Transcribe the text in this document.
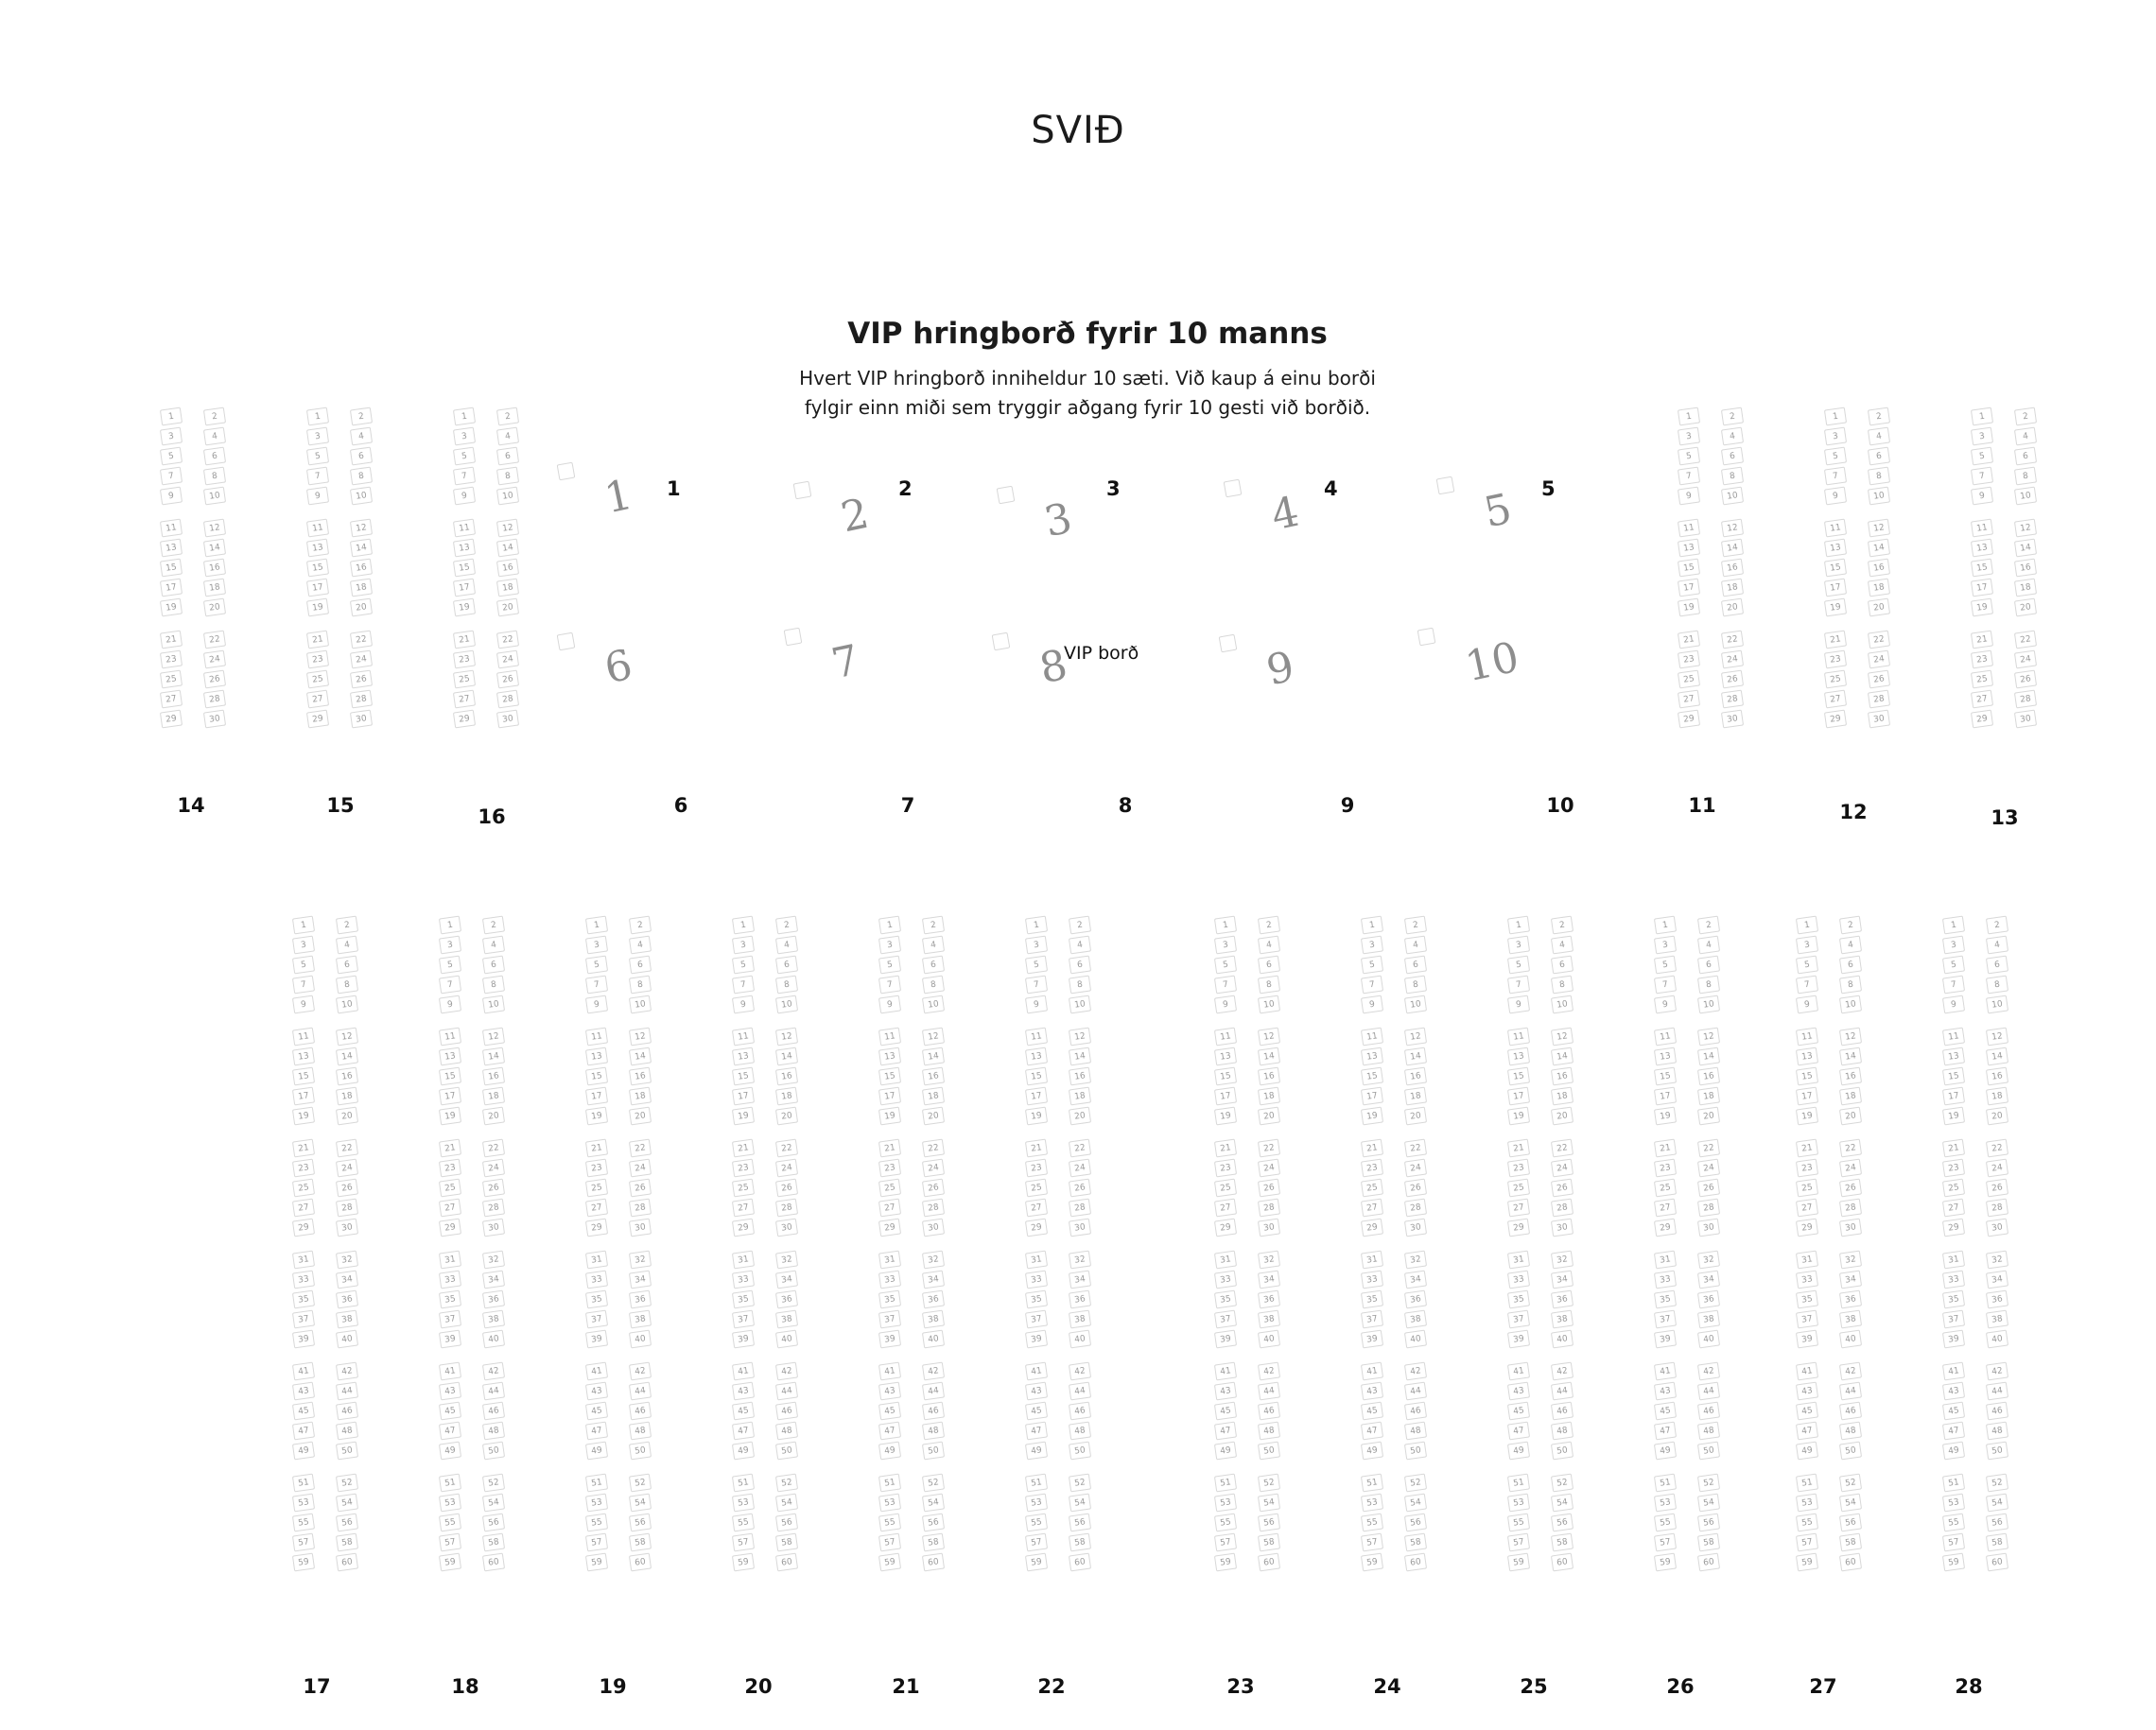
SVIÐ
VIP hringborð fyrir 10 manns

Hvert VIP hringborð inniheldur 10 sæti. Við kaup á einu borði

fylgir einn miði sem tryggir aðgang fyrir 10 gesti við borðið.

1 1
2
2
3
3	4 4	5 5
6	7	8	9	10
VIP borð
6	7	8	9	10
1	2
3	4
5	6
7	8
9	10
11	12
13	14
15	16
17	18
19	20
21	22
23	24
25	26
27	28
29	30
14
1	2
3	4
5	6
7	8
9	10
11	12
13	14
15	16
17	18
19	20
21	22
23	24
25	26
27	28
29	30
15
1	2
3	4
5	6
7	8
9	10
11	12
13	14
15	16
17	18
19	20
21	22
23	24
25	26
27	28
29	30
16
1	2
3	4
5	6
7	8
9	10
11	12
13	14
15	16
17	18
19	20
21	22
23	24
25	26
27	28
29	30
11
1	2
3	4
5	6
7	8
9	10
11	12
13	14
15	16
17	18
19	20
21	22
23	24
25	26
27	28
29	30
12
1	2
3	4
5	6
7	8
9	10
11	12
13	14
15	16
17	18
19	20
21	22
23	24
25	26
27	28
29	30
13
1	2
3	4
5	6
7	8
9	10
11	12
13	14
15	16
17	18
19	20
21	22
23	24
25	26
27	28
29	30
31	32
33	34
35	36
37	38
39	40
41	42
43	44
45	46
47	48
49	50
51	52
53	54
55	56
57	58
59	60
17
1	2
3	4
5	6
7	8
9	10
11	12
13	14
15	16
17	18
19	20
21	22
23	24
25	26
27	28
29	30
31	32
33	34
35	36
37	38
39	40
41	42
43	44
45	46
47	48
49	50
51	52
53	54
55	56
57	58
59	60
18
1	2
3	4
5	6
7	8
9	10
11	12
13	14
15	16
17	18
19	20
21	22
23	24
25	26
27	28
29	30
31	32
33	34
35	36
37	38
39	40
41	42
43	44
45	46
47	48
49	50
51	52
53	54
55	56
57	58
59	60
19
1	2
3	4
5	6
7	8
9	10
11	12
13	14
15	16
17	18
19	20
21	22
23	24
25	26
27	28
29	30
31	32
33	34
35	36
37	38
39	40
41	42
43	44
45	46
47	48
49	50
51	52
53	54
55	56
57	58
59	60
20
1	2
3	4
5	6
7	8
9	10
11	12
13	14
15	16
17	18
19	20
21	22
23	24
25	26
27	28
29	30
31	32
33	34
35	36
37	38
39	40
41	42
43	44
45	46
47	48
49	50
51	52
53	54
55	56
57	58
59	60
21
1	2
3	4
5	6
7	8
9	10
11	12
13	14
15	16
17	18
19	20
21	22
23	24
25	26
27	28
29	30
31	32
33	34
35	36
37	38
39	40
41	42
43	44
45	46
47	48
49	50
51	52
53	54
55	56
57	58
59	60
22
1	2
3	4
5	6
7	8
9	10
11	12
13	14
15	16
17	18
19	20
21	22
23	24
25	26
27	28
29	30
31	32
33	34
35	36
37	38
39	40
41	42
43	44
45	46
47	48
49	50
51	52
53	54
55	56
57	58
59	60
23
1	2
3	4
5	6
7	8
9	10
11	12
13	14
15	16
17	18
19	20
21	22
23	24
25	26
27	28
29	30
31	32
33	34
35	36
37	38
39	40
41	42
43	44
45	46
47	48
49	50
51	52
53	54
55	56
57	58
59	60
24
1	2
3	4
5	6
7	8
9	10
11	12
13	14
15	16
17	18
19	20
21	22
23	24
25	26
27	28
29	30
31	32
33	34
35	36
37	38
39	40
41	42
43	44
45	46
47	48
49	50
51	52
53	54
55	56
57	58
59	60
25
1	2
3	4
5	6
7	8
9	10
11	12
13	14
15	16
17	18
19	20
21	22
23	24
25	26
27	28
29	30
31	32
33	34
35	36
37	38
39	40
41	42
43	44
45	46
47	48
49	50
51	52
53	54
55	56
57	58
59	60
26
1	2
3	4
5	6
7	8
9	10
11	12
13	14
15	16
17	18
19	20
21	22
23	24
25	26
27	28
29	30
31	32
33	34
35	36
37	38
39	40
41	42
43	44
45	46
47	48
49	50
51	52
53	54
55	56
57	58
59	60
27
1	2
3	4
5	6
7	8
9	10
11	12
13	14
15	16
17	18
19	20
21	22
23	24
25	26
27	28
29	30
31	32
33	34
35	36
37	38
39	40
41	42
43	44
45	46
47	48
49	50
51	52
53	54
55	56
57	58
59	60
28
